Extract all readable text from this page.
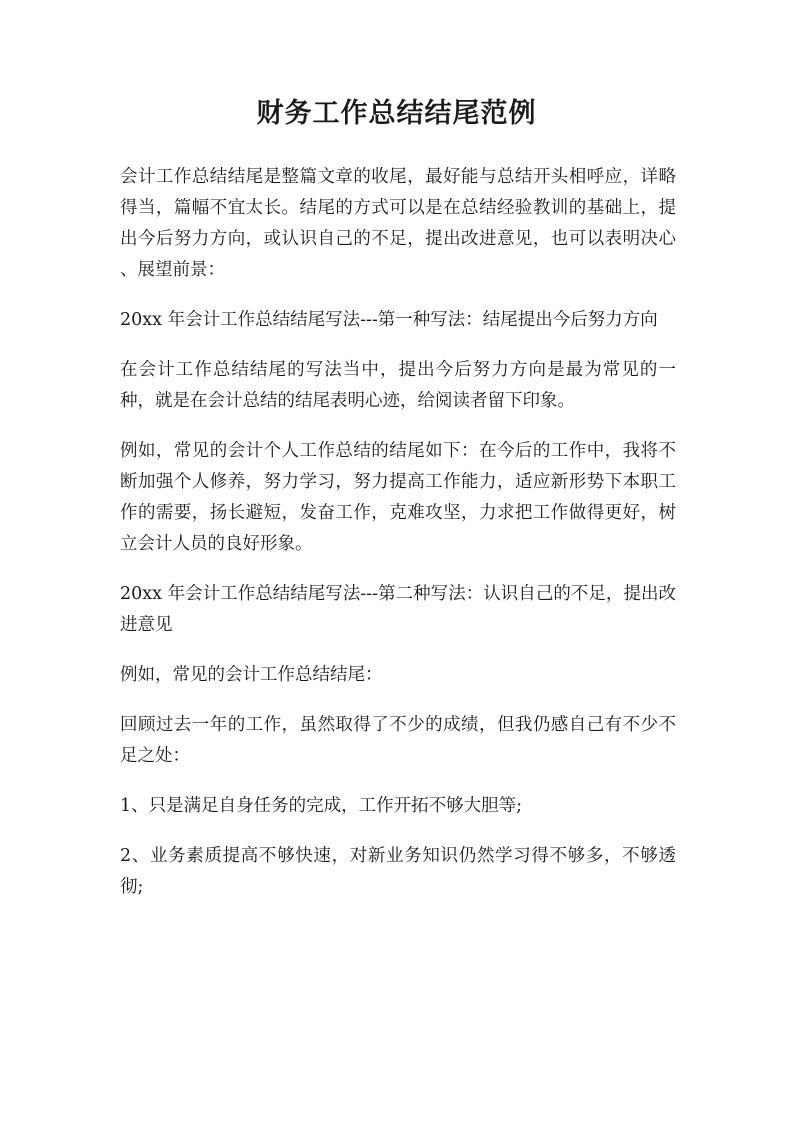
财务工作总结结尾范例

会计工作总结结尾是整篇文章的收尾，最好能与总结开头相呼应，详略得当，篇幅不宜太长。结尾的方式可以是在总结经验教训的基础上，提出今后努力方向，或认识自己的不足，提出改进意见，也可以表明决心 、展望前景：

20xx 年会计工作总结结尾写法---第一种写法：结尾提出今后努力方向

在会计工作总结结尾的写法当中，提出今后努力方向是最为常见的一种，就是在会计总结的结尾表明心迹，给阅读者留下印象。

例如，常见的会计个人工作总结的结尾如下：在今后的工作中，我将不断加强个人修养，努力学习，努力提高工作能力，适应新形势下本职工作的需要，扬长避短，发奋工作，克难攻坚，力求把工作做得更好，树立会计人员的良好形象。

20xx 年会计工作总结结尾写法---第二种写法：认识自己的不足，提出改进意见

例如，常见的会计工作总结结尾：

回顾过去一年的工作，虽然取得了不少的成绩，但我仍感自己有不少不足之处：

1、只是满足自身任务的完成，工作开拓不够大胆等;

2、业务素质提高不够快速，对新业务知识仍然学习得不够多，不够透彻;
